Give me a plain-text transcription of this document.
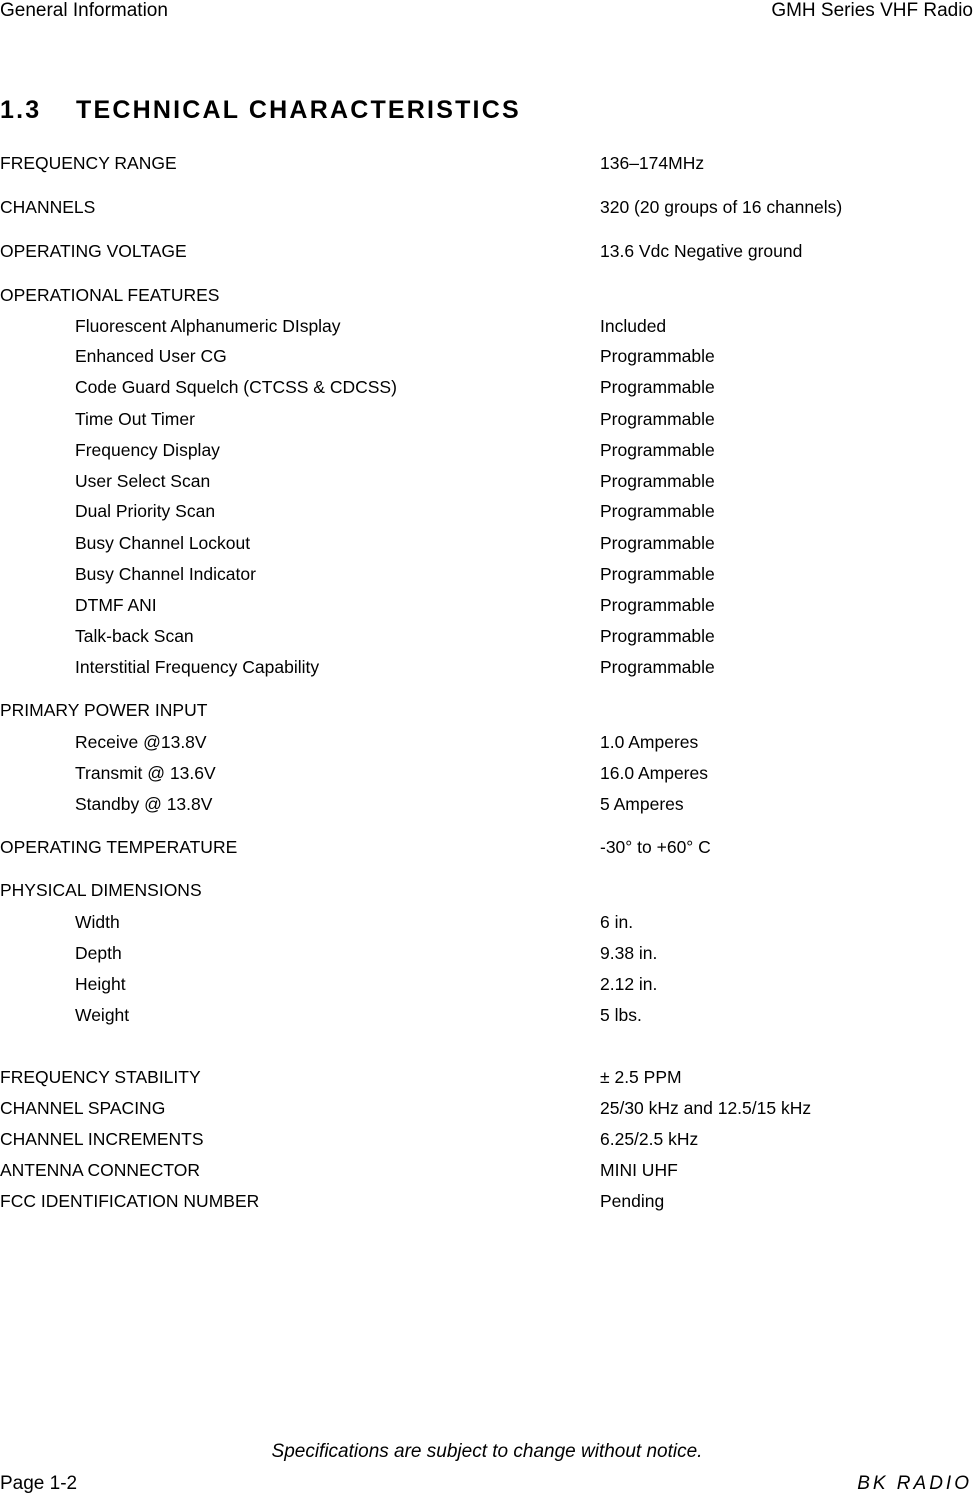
General Information	GMH Series VHF Radio
1.3 TECHNICAL CHARACTERISTICS
FREQUENCY RANGE	136–174MHz
CHANNELS	320 (20 groups of 16 channels)
OPERATING VOLTAGE	13.6 Vdc Negative ground
OPERATIONAL FEATURES
Fluorescent Alphanumeric DIsplay	Included
Enhanced User CG	Programmable
Code Guard Squelch (CTCSS & CDCSS)	Programmable
Time Out Timer	Programmable
Frequency Display	Programmable
User Select Scan	Programmable
Dual Priority Scan	Programmable
Busy Channel Lockout	Programmable
Busy Channel Indicator	Programmable
DTMF ANI	Programmable
Talk-back Scan	Programmable
Interstitial Frequency Capability	Programmable
PRIMARY POWER INPUT
Receive @13.8V	1.0 Amperes
Transmit @ 13.6V	16.0 Amperes
Standby @ 13.8V	5 Amperes
OPERATING TEMPERATURE	-30° to +60° C
PHYSICAL DIMENSIONS
Width	6 in.
Depth	9.38 in.
Height	2.12 in.
Weight	5 lbs.
FREQUENCY STABILITY	± 2.5 PPM
CHANNEL SPACING	25/30 kHz and 12.5/15 kHz
CHANNEL INCREMENTS	6.25/2.5 kHz
ANTENNA CONNECTOR	MINI UHF
FCC IDENTIFICATION NUMBER	Pending
Specifications are subject to change without notice.
Page 1-2	BK RADIO
